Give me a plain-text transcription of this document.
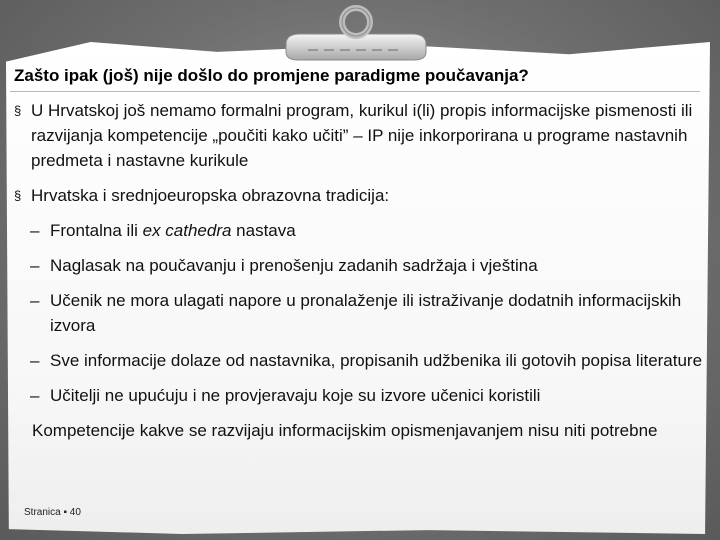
Zašto ipak (još) nije došlo do promjene paradigme poučavanja?
§ U Hrvatskoj još nemamo formalni program, kurikul i(li) propis informacijske pismenosti ili razvijanja kompetencije „poučiti kako učiti” – IP nije inkorporirana u programe nastavnih predmeta i nastavne kurikule
§ Hrvatska i srednjoeuropska obrazovna tradicija:
– Frontalna ili ex cathedra nastava
– Naglasak na poučavanju i prenošenju zadanih sadržaja i vještina
– Učenik ne mora ulagati napore u pronalaženje ili istraživanje dodatnih informacijskih izvora
– Sve informacije dolaze od nastavnika, propisanih udžbenika ili gotovih popisa literature
– Učitelji ne upućuju i ne provjeravaju koje su izvore učenici koristili

Kompetencije kakve se razvijaju informacijskim opismenjavanjem nisu niti potrebne

Stranica ▪ 40
